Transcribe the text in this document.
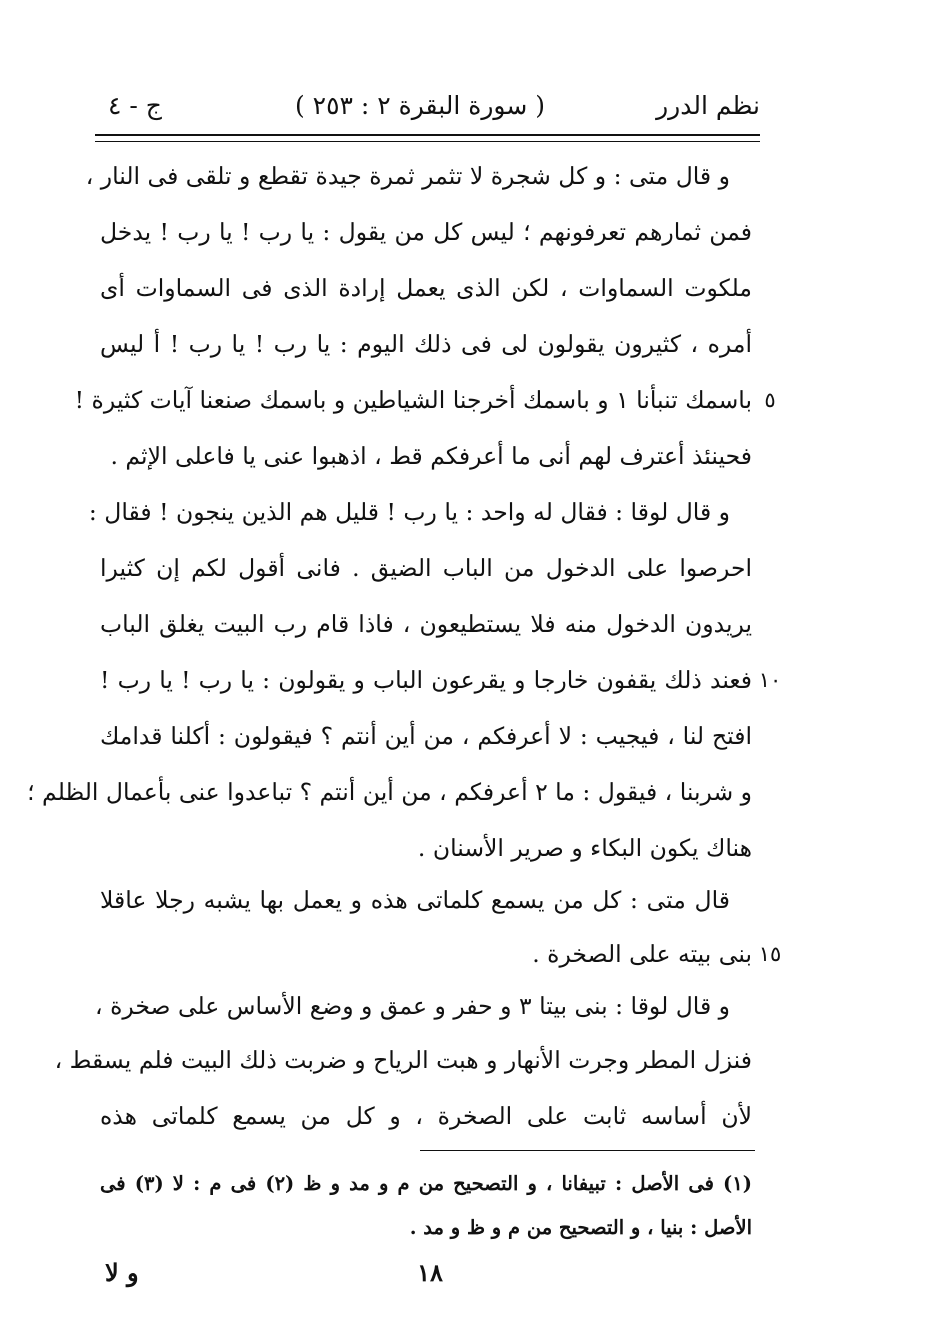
نظم الدرر
( سورة البقرة ٢ : ٢٥٣ )
ج - ٤
و قال متى : و كل شجرة لا تثمر ثمرة جيدة تقطع و تلقى فى النار ،
فمن ثمارهم تعرفونهم ؛ ليس كل من يقول : يا رب ! يا رب ! يدخل
ملكوت السماوات ، لكن الذى يعمل إرادة الذى فى السماوات أى
أمره ، كثيرون يقولون لى فى ذلك اليوم : يا رب ! يا رب ! أ ليس
باسمك تنبأنا ١ و باسمك أخرجنا الشياطين و باسمك صنعنا آيات كثيرة ! ٥
فحينئذ أعترف لهم أنى ما أعرفكم قط ، اذهبوا عنى يا فاعلى الإثم .
و قال لوقا : فقال له واحد : يا رب ! قليل هم الذين ينجون ! فقال :
احرصوا على الدخول من الباب الضيق . فانى أقول لكم إن كثيرا
يريدون الدخول منه فلا يستطيعون ، فاذا قام رب البيت يغلق الباب
فعند ذلك يقفون خارجا و يقرعون الباب و يقولون : يا رب ! يا رب ! ١٠
افتح لنا ، فيجيب : لا أعرفكم ، من أين أنتم ؟ فيقولون : أكلنا قدامك
و شربنا ، فيقول : ما ٢ أعرفكم ، من أين أنتم ؟ تباعدوا عنى بأعمال الظلم ؛
هناك يكون البكاء و صرير الأسنان .
قال متى : كل من يسمع كلماتى هذه و يعمل بها يشبه رجلا عاقلا
بنى بيته على الصخرة . ١٥
و قال لوقا : بنى بيتا ٣ و حفر و عمق و وضع الأساس على صخرة ،
فنزل المطر وجرت الأنهار و هبت الرياح و ضربت ذلك البيت فلم يسقط ،
لأن أساسه ثابت على الصخرة ، و كل من يسمع كلماتى هذه
(١) فى الأصل : تبيفانا ، و التصحيح من م و مد و ظ (٢) فى م : لا (٣) فى
الأصل : بنيا ، و التصحيح من م و ظ و مد .
١٨
و لا
